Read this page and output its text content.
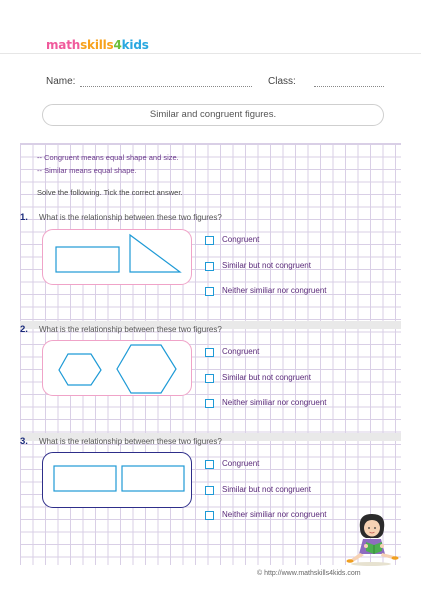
mathskills4kids
Name:	Class:
Similar and congruent figures.
-- Congruent means equal shape and size.
-- Similar means equal shape.
Solve the following. Tick the correct answer.
1. What is the relationship between these two figures?
Congruent
Similar but not congruent
Neither similiar nor congruent
2. What is the relationship between these two figures?
Congruent
Similar but not congruent
Neither similiar nor congruent
3. What is the relationship between these two figures?
Congruent
Similar but not congruent
Neither similiar nor congruent
© http://www.mathskills4kids.com
